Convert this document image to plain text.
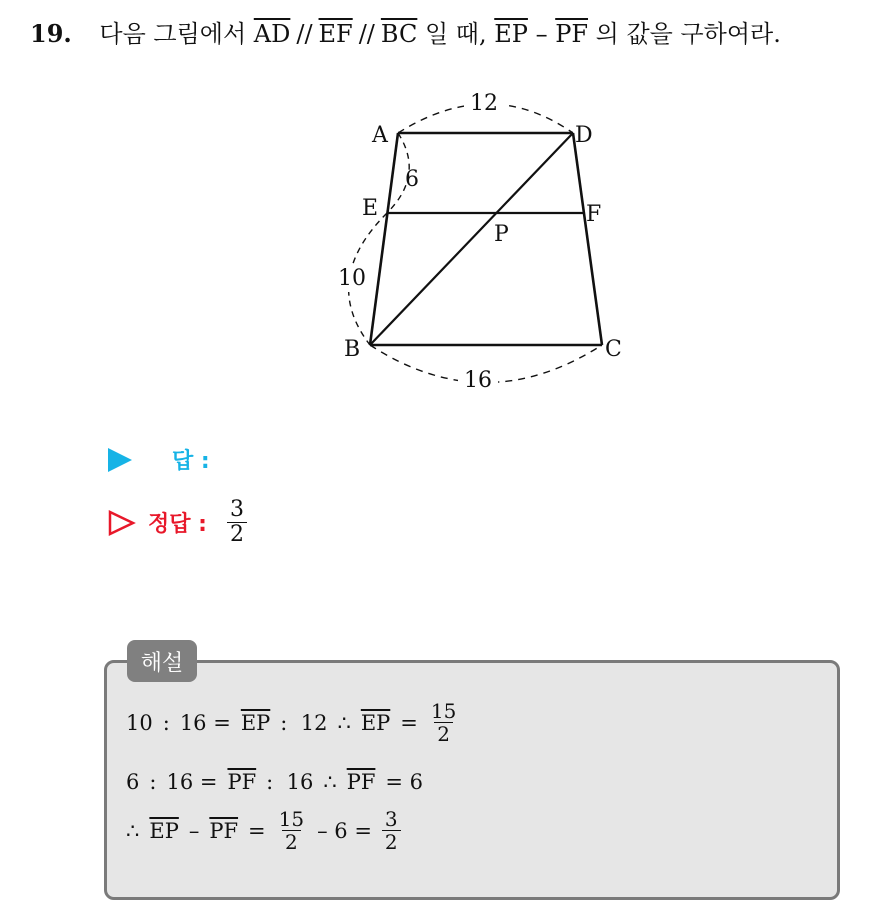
19. 다음 그림에서 $\overline{AD} // \overline{EF} // \overline{BC}$ 일 때, $\overline{EP} - \overline{PF}$ 의 값을 구하여라.
12
16
6
10
A	D
E	F
P
B	C
답 :
정답 : $\frac{3}{2}$
해설
10 : $16 = \overline{EP}$ :  12 ∴ $\overline{EP} = \frac{15}{2}$
6 : $16 = \overline{PF}$ :  16 ∴ $\overline{PF} = 6$
∴ $\overline{EP} - \overline{PF} = \frac{15}{2} - 6 = \frac{3}{2}$
